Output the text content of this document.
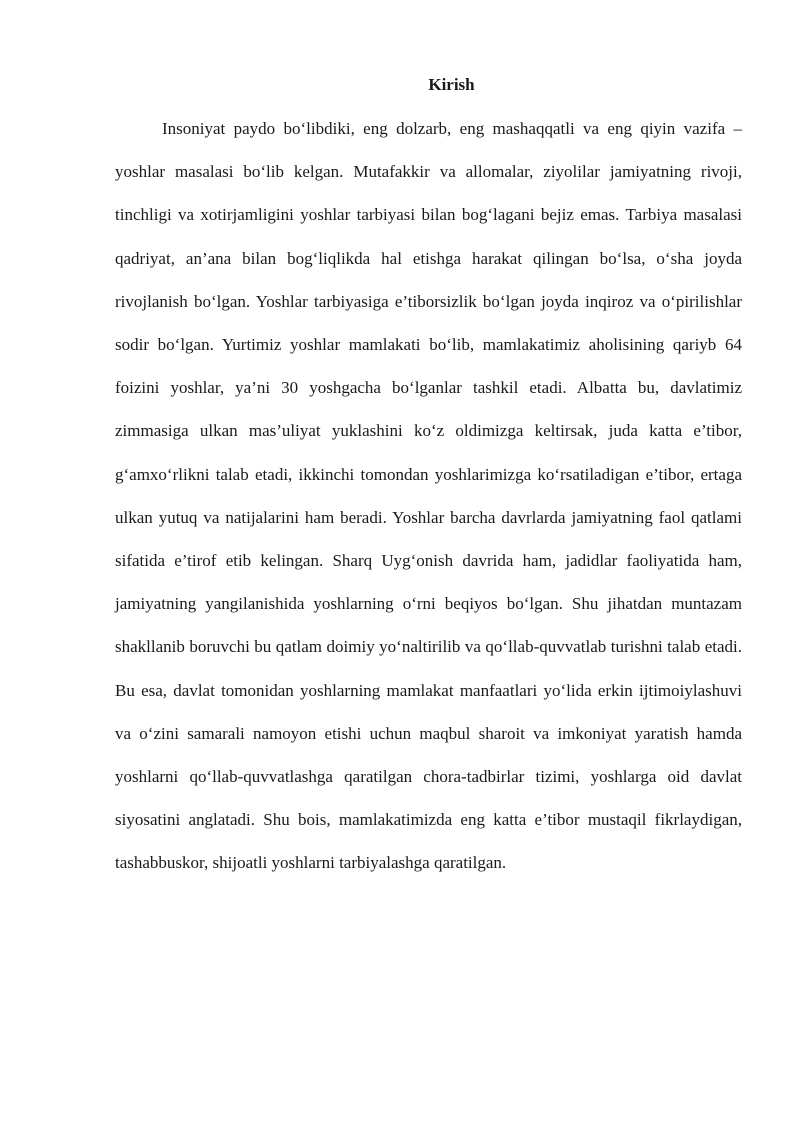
Kirish

Insoniyat paydo bo‘libdiki, eng dolzarb, eng mashaqqatli va eng qiyin vazifa – yoshlar masalasi bo‘lib kelgan. Mutafakkir va allomalar, ziyolilar jamiyatning rivoji, tinchligi va xotirjamligini yoshlar tarbiyasi bilan bog‘lagani bejiz emas. Tarbiya masalasi qadriyat, an’ana bilan bog‘liqlikda hal etishga harakat qilingan bo‘lsa, o‘sha joyda rivojlanish bo‘lgan. Yoshlar tarbiyasiga e’tiborsizlik bo‘lgan joyda inqiroz va o‘pirilishlar sodir bo‘lgan. Yurtimiz yoshlar mamlakati bo‘lib, mamlakatimiz aholisining qariyb 64 foizini yoshlar, ya’ni 30 yoshgacha bo‘lganlar tashkil etadi. Albatta bu, davlatimiz zimmasiga ulkan mas’uliyat yuklashini ko‘z oldimizga keltirsak, juda katta e’tibor, g‘amxo‘rlikni talab etadi, ikkinchi tomondan yoshlarimizga ko‘rsatiladigan e’tibor, ertaga ulkan yutuq va natijalarini ham beradi. Yoshlar barcha davrlarda jamiyatning faol qatlami sifatida e’tirof etib kelingan. Sharq Uyg‘onish davrida ham, jadidlar faoliyatida ham, jamiyatning yangilanishida yoshlarning o‘rni beqiyos bo‘lgan. Shu jihatdan muntazam shakllanib boruvchi bu qatlam doimiy yo‘naltirilib va qo‘llab-quvvatlab turishni talab etadi. Bu esa, davlat tomonidan yoshlarning mamlakat manfaatlari yo‘lida erkin ijtimoiylashuvi va o‘zini samarali namoyon etishi uchun maqbul sharoit va imkoniyat yaratish hamda yoshlarni qo‘llab-quvvatlashga qaratilgan chora-tadbirlar tizimi, yoshlarga oid davlat siyosatini anglatadi. Shu bois, mamlakatimizda eng katta e’tibor mustaqil fikrlaydigan, tashabbuskor, shijoatli yoshlarni tarbiyalashga qaratilgan.
